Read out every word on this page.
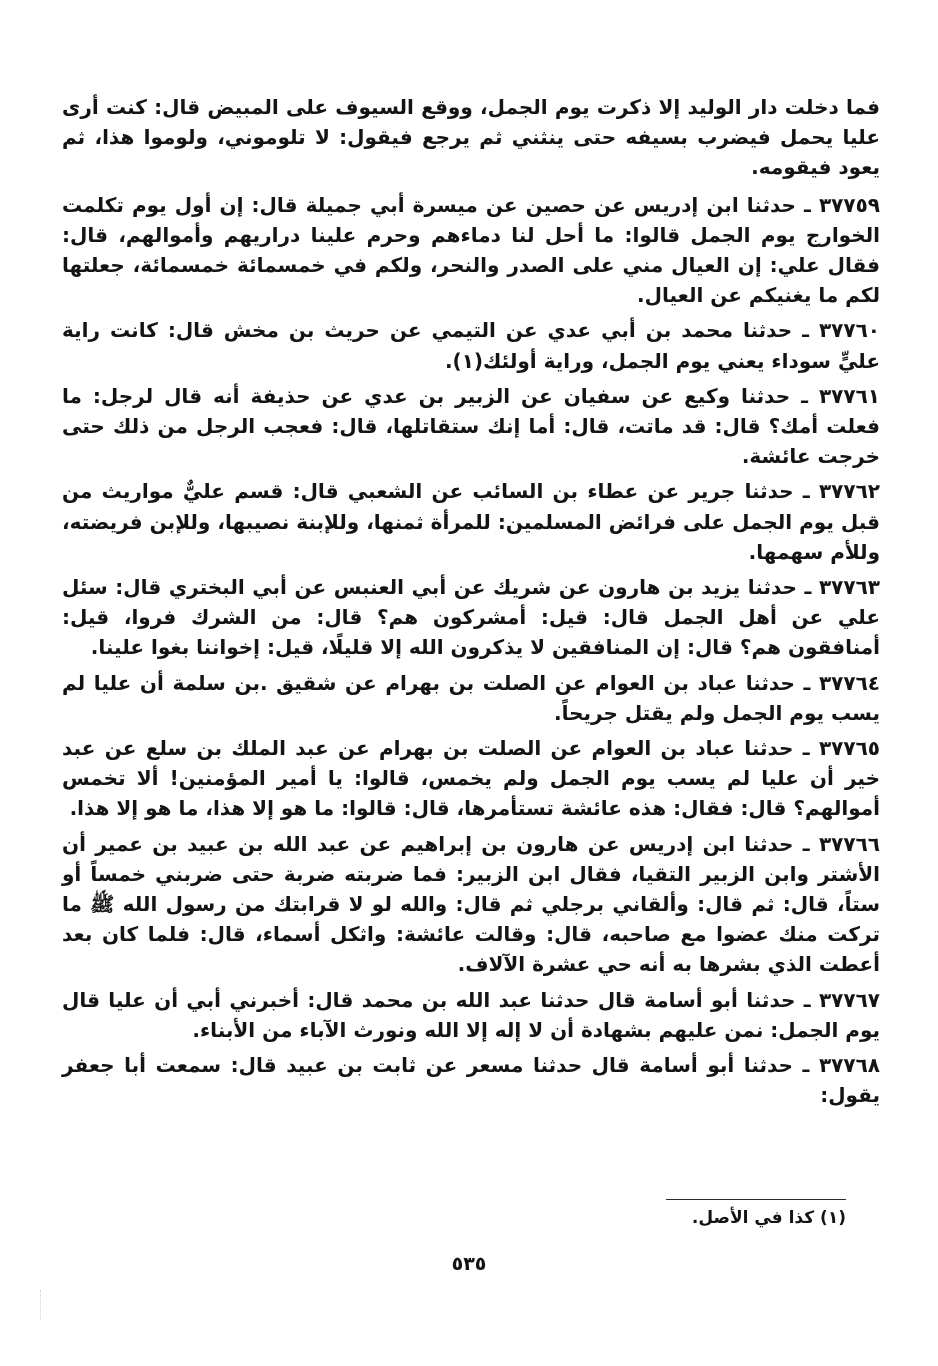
فما دخلت دار الوليد إلا ذكرت يوم الجمل، ووقع السيوف على المبيض قال: كنت أرى عليا يحمل فيضرب بسيفه حتى ينثني ثم يرجع فيقول: لا تلوموني، ولوموا هذا، ثم يعود فيقومه.

٣٧٧٥٩ ـ حدثنا ابن إدريس عن حصين عن ميسرة أبي جميلة قال: إن أول يوم تكلمت الخوارج يوم الجمل قالوا: ما أحل لنا دماءهم وحرم علينا دراريهم وأموالهم، قال: فقال علي: إن العيال مني على الصدر والنحر، ولكم في خمسمائة خمسمائة، جعلتها لكم ما يغنيكم عن العيال.

٣٧٧٦٠ ـ حدثنا محمد بن أبي عدي عن التيمي عن حريث بن مخش قال: كانت راية عليٍّ سوداء يعني يوم الجمل، وراية أولئك(١).

٣٧٧٦١ ـ حدثنا وكيع عن سفيان عن الزبير بن عدي عن حذيفة أنه قال لرجل: ما فعلت أمك؟ قال: قد ماتت، قال: أما إنك ستقاتلها، قال: فعجب الرجل من ذلك حتى خرجت عائشة.

٣٧٧٦٢ ـ حدثنا جرير عن عطاء بن السائب عن الشعبي قال: قسم عليٌّ مواريث من قبل يوم الجمل على فرائض المسلمين: للمرأة ثمنها، وللإبنة نصيبها، وللإبن فريضته، وللأم سهمها.

٣٧٧٦٣ ـ حدثنا يزيد بن هارون عن شريك عن أبي العنبس عن أبي البختري قال: سئل علي عن أهل الجمل قال: قيل: أمشركون هم؟ قال: من الشرك فروا، قيل: أمنافقون هم؟ قال: إن المنافقين لا يذكرون الله إلا قليلًا، قيل: إخواننا بغوا علينا.

٣٧٧٦٤ ـ حدثنا عباد بن العوام عن الصلت بن بهرام عن شقيق .بن سلمة أن عليا لم يسب يوم الجمل ولم يقتل جريحاً.

٣٧٧٦٥ ـ حدثنا عباد بن العوام عن الصلت بن بهرام عن عبد الملك بن سلع عن عبد خير أن عليا لم يسب يوم الجمل ولم يخمس، قالوا: يا أمير المؤمنين! ألا تخمس أموالهم؟ قال: فقال: هذه عائشة تستأمرها، قال: قالوا: ما هو إلا هذا، ما هو إلا هذا.

٣٧٧٦٦ ـ حدثنا ابن إدريس عن هارون بن إبراهيم عن عبد الله بن عبيد بن عمير أن الأشتر وابن الزبير التقيا، فقال ابن الزبير: فما ضربته ضربة حتى ضربني خمساً أو ستاً، قال: ثم قال: وألقاني برجلي ثم قال: والله لو لا قرابتك من رسول الله ﷺ ما تركت منك عضوا مع صاحبه، قال: وقالت عائشة: واثكل أسماء، قال: فلما كان بعد أعطت الذي بشرها به أنه حي عشرة الآلاف.

٣٧٧٦٧ ـ حدثنا أبو أسامة قال حدثنا عبد الله بن محمد قال: أخبرني أبي أن عليا قال يوم الجمل: نمن عليهم بشهادة أن لا إله إلا الله ونورث الآباء من الأبناء.

٣٧٧٦٨ ـ حدثنا أبو أسامة قال حدثنا مسعر عن ثابت بن عبيد قال: سمعت أبا جعفر يقول:

(١) كذا في الأصل.
٥٣٥
